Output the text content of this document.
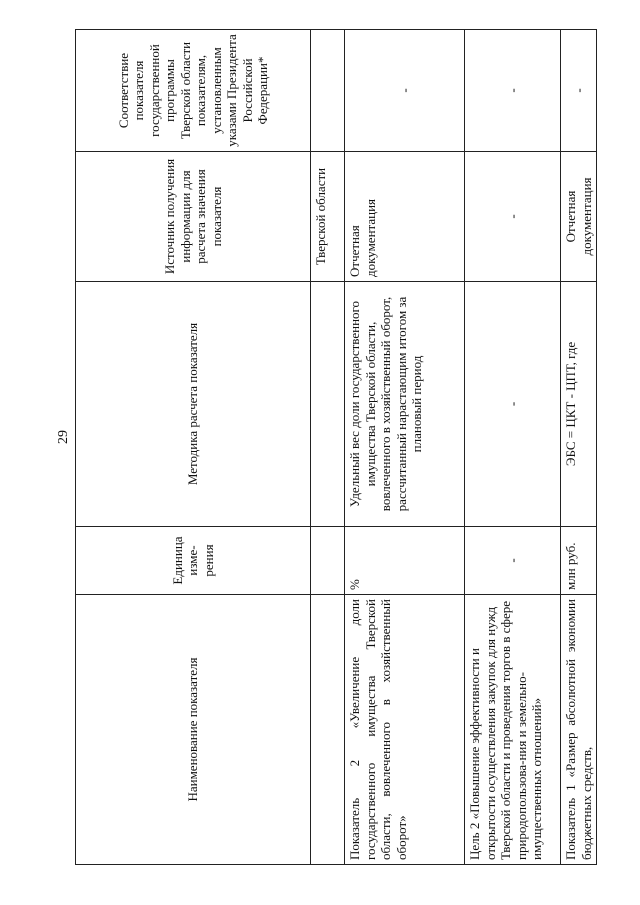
29
Наименование показателя	Единица изме-рения	Методика расчета показателя	Источник получения информации для расчета значения показателя	Соответствие показателя государственной программы Тверской области показателям, установленным указами Президента Российской Федерации*
			Тверской области	
Показатель 2 «Увеличение доли государственного имущества Тверской области, вовлеченного в хозяйственный оборот»	%	Удельный вес доли государственного имущества Тверской области, вовлеченного в хозяйственный оборот, рассчитанный нарастающим итогом за плановый период	Отчетная документация	-
Цель 2 «Повышение эффективности и открытости осуществления закупок для нужд Тверской области и проведения торгов в сфере природопользова-ния и земельно-имущественных отношений»	-	-	-	-
Показатель 1 «Размер абсолютной экономии бюджетных средств,	млн руб.	ЭБС = ЦКТ - ЦПТ, где	Отчетная документация	-
